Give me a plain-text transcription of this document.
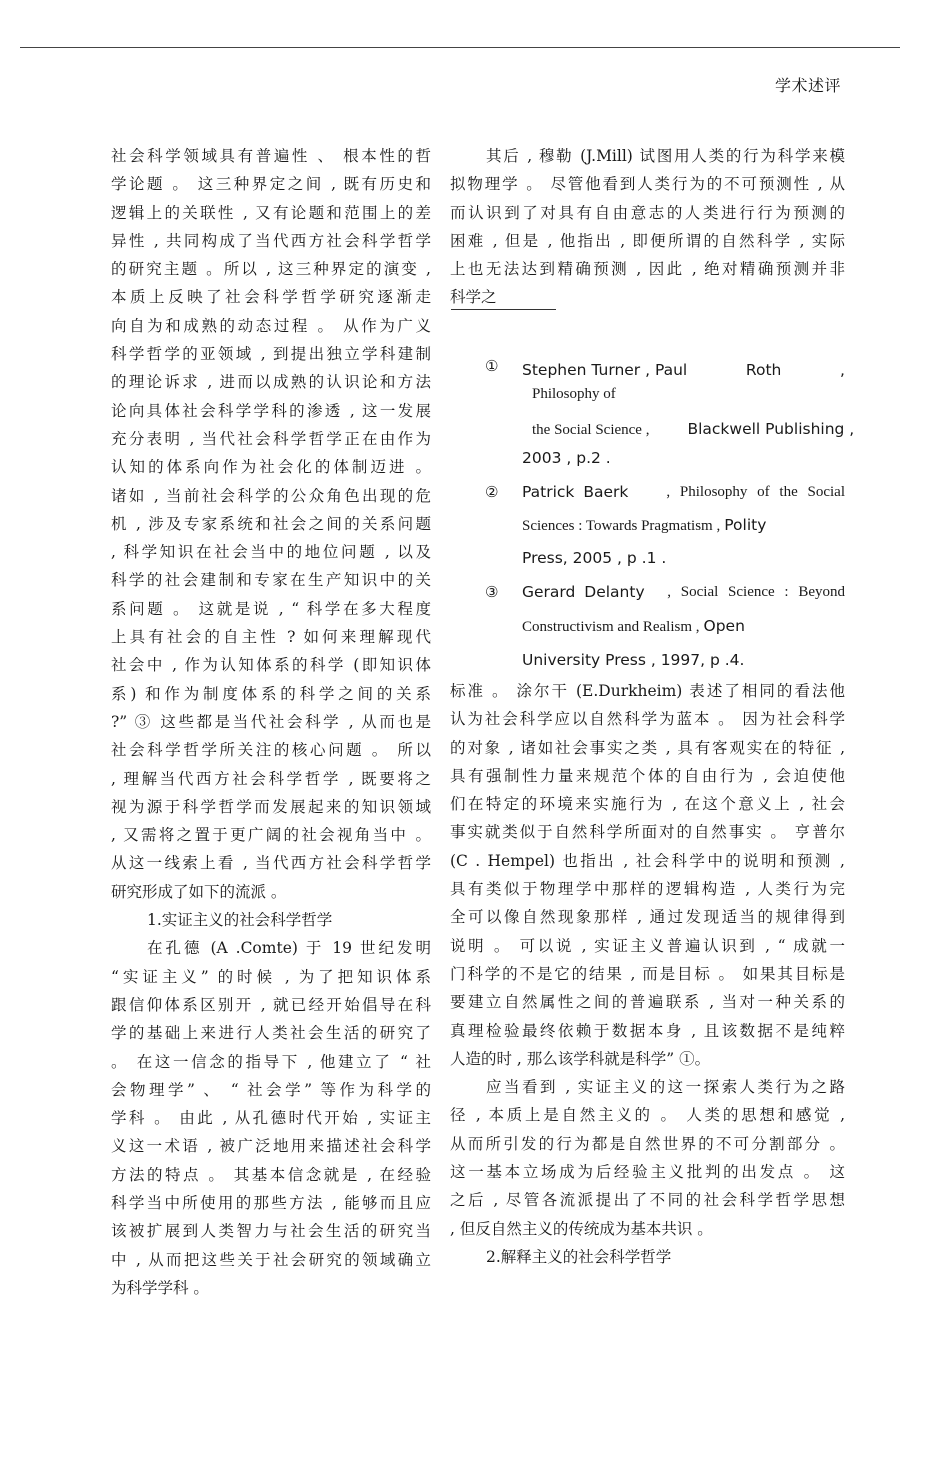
学术述评
社会科学领域具有普遍性 、 根本性的哲
学论题 。 这三种界定之间 , 既有历史和
逻辑上的关联性 , 又有论题和范围上的差
异性 , 共同构成了当代西方社会科学哲学
的研究主题 。所以 , 这三种界定的演变 ,
本质上反映了社会科学哲学研究逐渐走
向自为和成熟的动态过程 。 从作为广义
科学哲学的亚领域 , 到提出独立学科建制
的理论诉求 , 进而以成熟的认识论和方法
论向具体社会科学学科的渗透 , 这一发展
充分表明 , 当代社会科学哲学正在由作为
认知的体系向作为社会化的体制迈进 。
诸如 , 当前社会科学的公众角色出现的危
机 , 涉及专家系统和社会之间的关系问题
, 科学知识在社会当中的地位问题 , 以及
科学的社会建制和专家在生产知识中的关
系问题 。 这就是说 , “ 科学在多大程度
上具有社会的自主性 ? 如何来理解现代
社会中 , 作为认知体系的科学 (即知识体
系) 和作为制度体系的科学之间的关系
?” ③ 这些都是当代社会科学 , 从而也是
社会科学哲学所关注的核心问题 。 所以
, 理解当代西方社会科学哲学 , 既要将之
视为源于科学哲学而发展起来的知识领域
, 又需将之置于更广阔的社会视角当中 。
从这一线索上看 , 当代西方社会科学哲学
研究形成了如下的流派 。
1.实证主义的社会科学哲学
在孔德 (A .Comte) 于 19 世纪发明
“实证主义” 的时候 , 为了把知识体系
跟信仰体系区别开 , 就已经开始倡导在科
学的基础上来进行人类社会生活的研究了
。 在这一信念的指导下 , 他建立了 “ 社
会物理学” 、 “ 社会学” 等作为科学的
学科 。 由此 , 从孔德时代开始 , 实证主
义这一术语 , 被广泛地用来描述社会科学
方法的特点 。 其基本信念就是 , 在经验
科学当中所使用的那些方法 , 能够而且应
该被扩展到人类智力与社会生活的研究当
中 , 从而把这些关于社会研究的领域确立
为科学学科 。
其后 , 穆勒 (J.Mill) 试图用人类的行为科学来模
拟物理学 。 尽管他看到人类行为的不可预测性 , 从
而认识到了对具有自由意志的人类进行行为预测的
困难 , 但是 , 他指出 , 即便所谓的自然科学 , 实际
上也无法达到精确预测 , 因此 , 绝对精确预测并非
科学之
① Stephen Turner , Paul	Roth	,
Philosophy of
the Social Science , Blackwell Publishing ,
2003 , p.2 .
② Patrick Baerk	, Philosophy of the Social
Sciences : Towards Pragmatism , Polity
Press, 2005 , p .1 .
③ Gerard Delanty , Social Science : Beyond
Constructivism and Realism , Open
University Press , 1997, p .4.
标准 。 涂尔干 (E.Durkheim) 表述了相同的看法他
认为社会科学应以自然科学为蓝本 。 因为社会科学
的对象 , 诸如社会事实之类 , 具有客观实在的特征 ,
具有强制性力量来规范个体的自由行为 , 会迫使他
们在特定的环境来实施行为 , 在这个意义上 , 社会
事实就类似于自然科学所面对的自然事实 。 亨普尔
(C . Hempel) 也指出 , 社会科学中的说明和预测 ,
具有类似于物理学中那样的逻辑构造 , 人类行为完
全可以像自然现象那样 , 通过发现适当的规律得到
说明 。 可以说 , 实证主义普遍认识到 , “ 成就一
门科学的不是它的结果 , 而是目标 。 如果其目标是
要建立自然属性之间的普遍联系 , 当对一种关系的
真理检验最终依赖于数据本身 , 且该数据不是纯粹
人造的时 , 那么该学科就是科学” ①。
应当看到 , 实证主义的这一探索人类行为之路
径 , 本质上是自然主义的 。 人类的思想和感觉 ,
从而所引发的行为都是自然世界的不可分割部分 。
这一基本立场成为后经验主义批判的出发点 。 这
之后 , 尽管各流派提出了不同的社会科学哲学思想
, 但反自然主义的传统成为基本共识 。
2.解释主义的社会科学哲学
